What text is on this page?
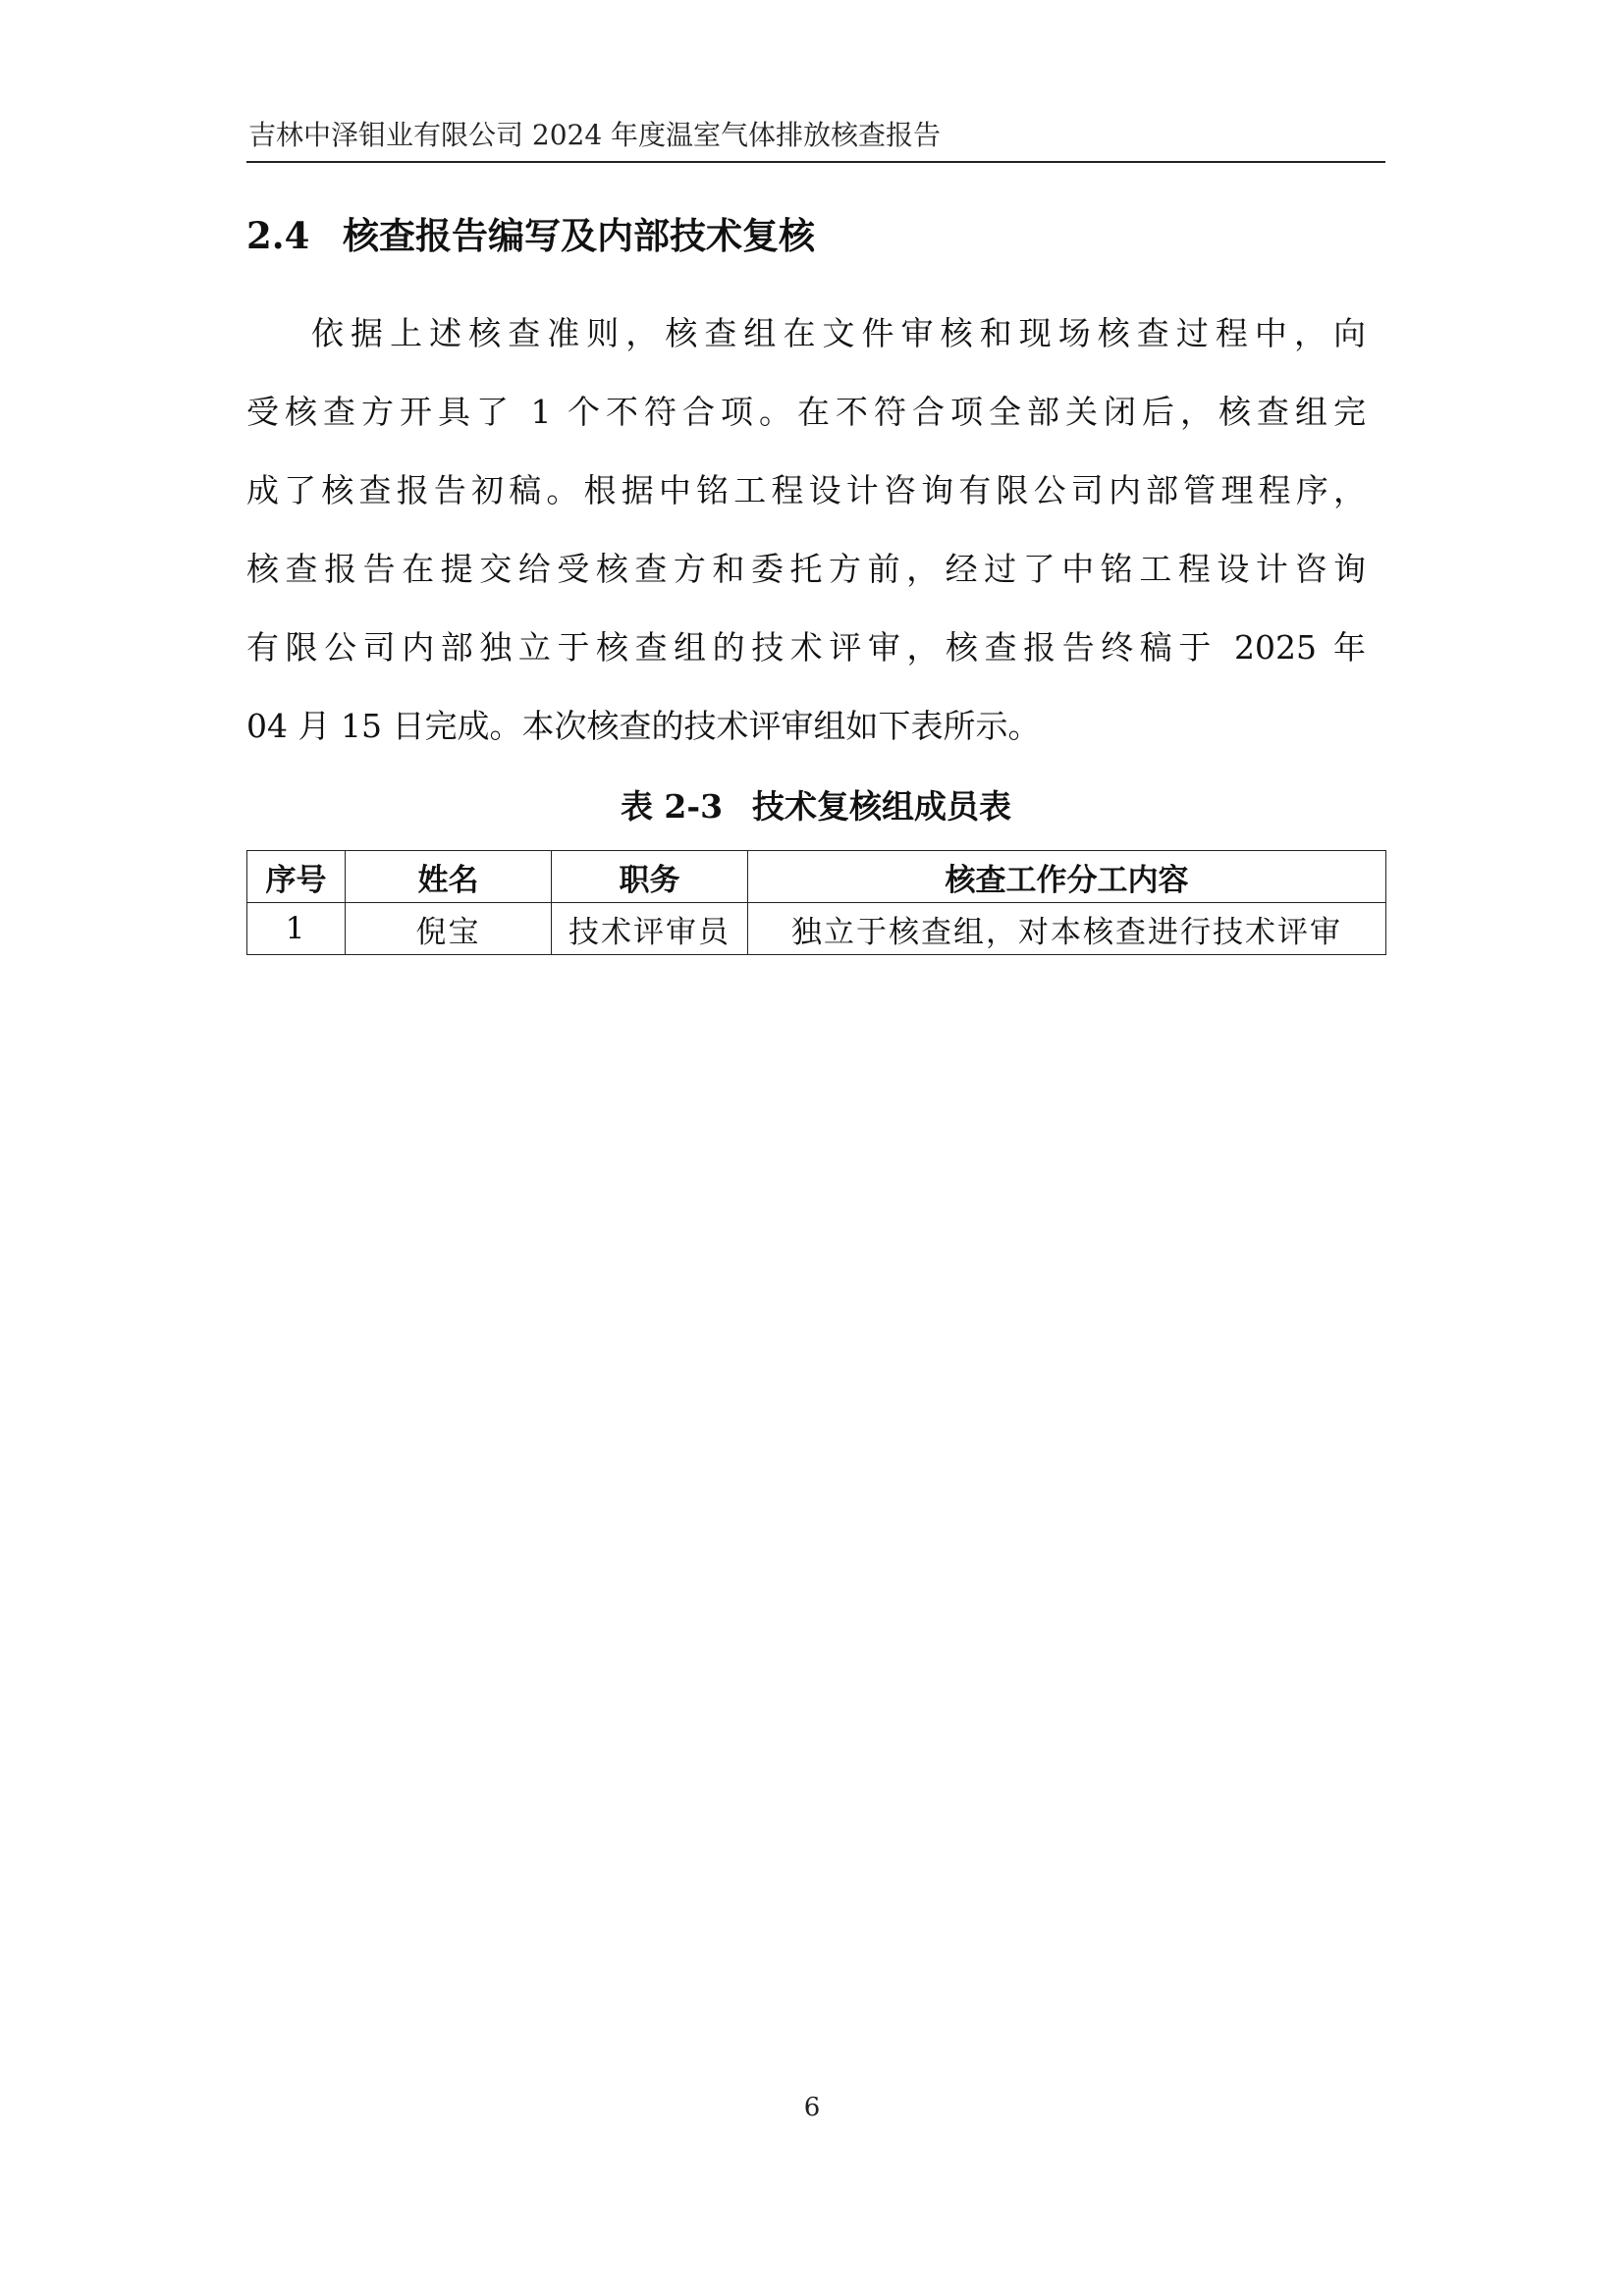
吉林中泽钼业有限公司 2024 年度温室气体排放核查报告
2.4 核查报告编写及内部技术复核
依据上述核查准则，核查组在文件审核和现场核查过程中，向
受核查方开具了 1 个不符合项。在不符合项全部关闭后，核查组完
成了核查报告初稿。根据中铭工程设计咨询有限公司内部管理程序，
核查报告在提交给受核查方和委托方前，经过了中铭工程设计咨询
有限公司内部独立于核查组的技术评审，核查报告终稿于 2025 年
04 月 15 日完成。本次核查的技术评审组如下表所示。
表 2-3 技术复核组成员表
序号	姓名	职务	核查工作分工内容
1	倪宝	技术评审员	独立于核查组，对本核查进行技术评审
6
